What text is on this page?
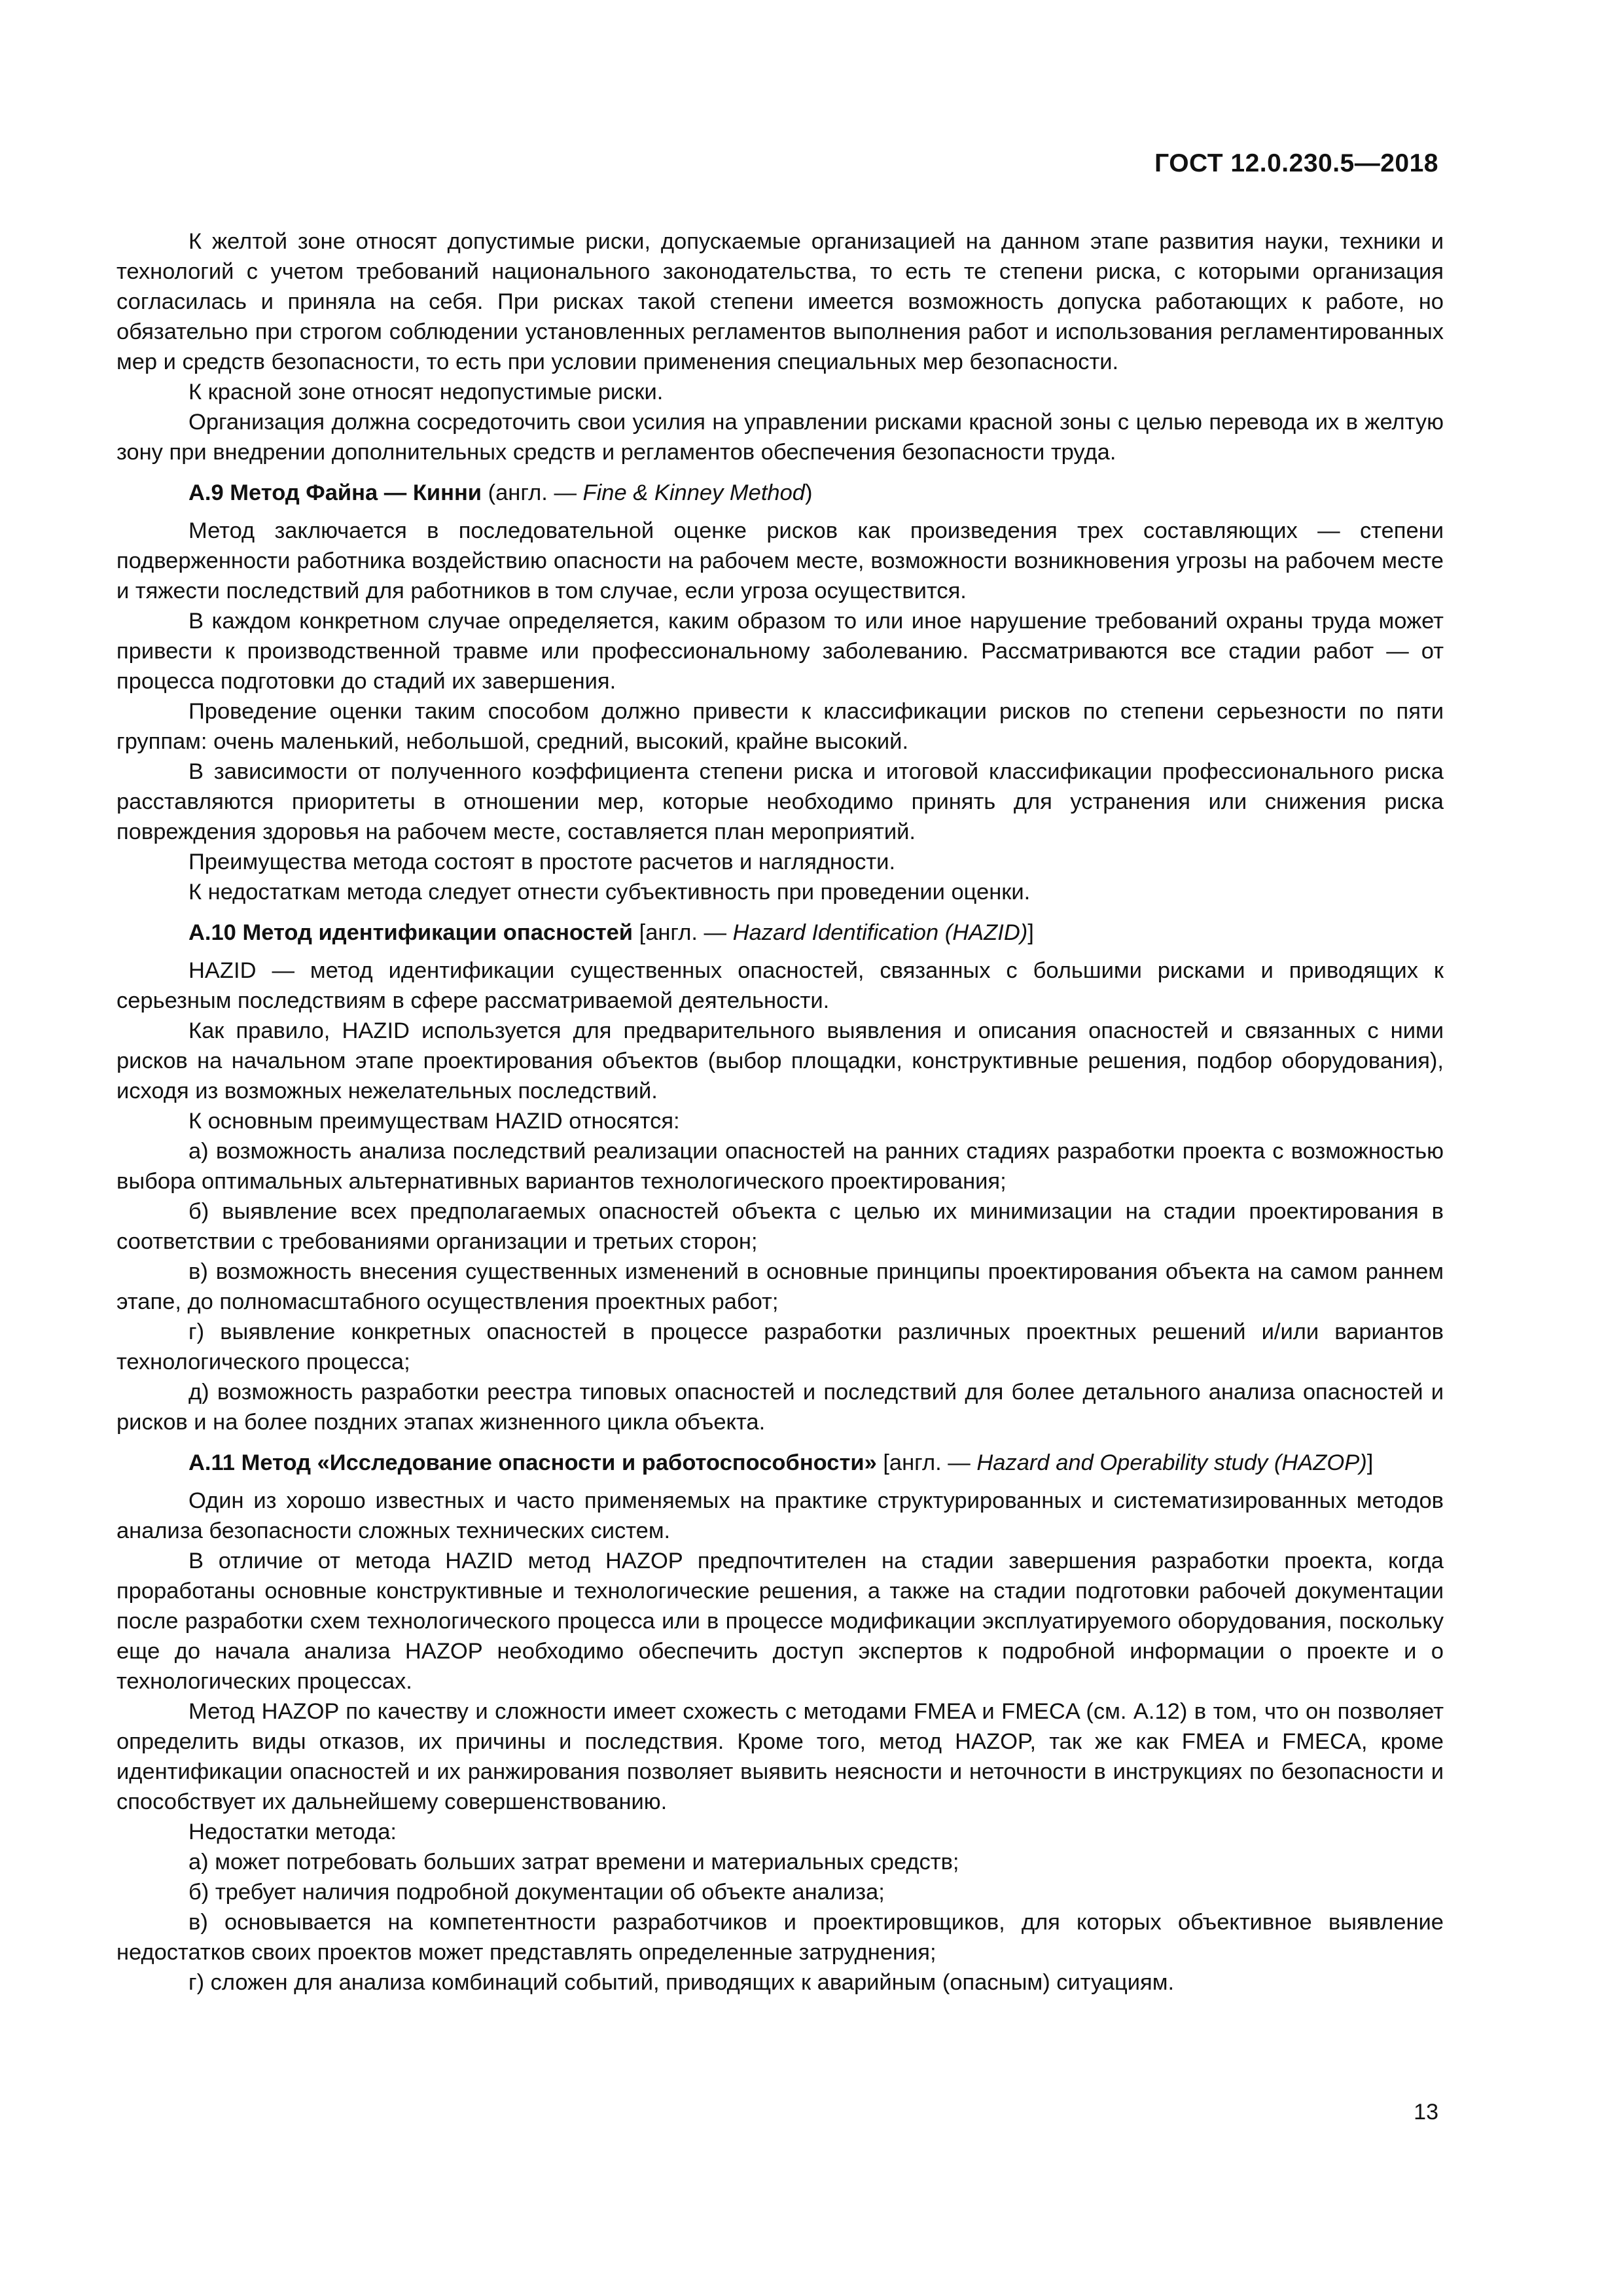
ГОСТ 12.0.230.5—2018

К желтой зоне относят допустимые риски, допускаемые организацией на данном этапе развития науки, техники и технологий с учетом требований национального законодательства, то есть те степени риска, с которыми организация согласилась и приняла на себя. При рисках такой степени имеется возможность допуска работающих к работе, но обязательно при строгом соблюдении установленных регламентов выполнения работ и использования регламентированных мер и средств безопасности, то есть при условии применения специальных мер безопасности.

К красной зоне относят недопустимые риски.

Организация должна сосредоточить свои усилия на управлении рисками красной зоны с целью перевода их в желтую зону при внедрении дополнительных средств и регламентов обеспечения безопасности труда.

А.9 Метод Файна — Кинни (англ. — Fine & Kinney Method)

Метод заключается в последовательной оценке рисков как произведения трех составляющих — степени подверженности работника воздействию опасности на рабочем месте, возможности возникновения угрозы на рабочем месте и тяжести последствий для работников в том случае, если угроза осуществится.

В каждом конкретном случае определяется, каким образом то или иное нарушение требований охраны труда может привести к производственной травме или профессиональному заболеванию. Рассматриваются все стадии работ — от процесса подготовки до стадий их завершения.

Проведение оценки таким способом должно привести к классификации рисков по степени серьезности по пяти группам: очень маленький, небольшой, средний, высокий, крайне высокий.

В зависимости от полученного коэффициента степени риска и итоговой классификации профессионального риска расставляются приоритеты в отношении мер, которые необходимо принять для устранения или снижения риска повреждения здоровья на рабочем месте, составляется план мероприятий.

Преимущества метода состоят в простоте расчетов и наглядности.

К недостаткам метода следует отнести субъективность при проведении оценки.

А.10 Метод идентификации опасностей [англ. — Hazard Identification (HAZID)]

HAZID — метод идентификации существенных опасностей, связанных с большими рисками и приводящих к серьезным последствиям в сфере рассматриваемой деятельности.

Как правило, HAZID используется для предварительного выявления и описания опасностей и связанных с ними рисков на начальном этапе проектирования объектов (выбор площадки, конструктивные решения, подбор оборудования), исходя из возможных нежелательных последствий.

К основным преимуществам HAZID относятся:

а) возможность анализа последствий реализации опасностей на ранних стадиях разработки проекта с возможностью выбора оптимальных альтернативных вариантов технологического проектирования;

б) выявление всех предполагаемых опасностей объекта с целью их минимизации на стадии проектирования в соответствии с требованиями организации и третьих сторон;

в) возможность внесения существенных изменений в основные принципы проектирования объекта на самом раннем этапе, до полномасштабного осуществления проектных работ;

г) выявление конкретных опасностей в процессе разработки различных проектных решений и/или вариантов технологического процесса;

д) возможность разработки реестра типовых опасностей и последствий для более детального анализа опасностей и рисков и на более поздних этапах жизненного цикла объекта.

А.11 Метод «Исследование опасности и работоспособности» [англ. — Hazard and Operability study (HAZOP)]

Один из хорошо известных и часто применяемых на практике структурированных и систематизированных методов анализа безопасности сложных технических систем.

В отличие от метода HAZID метод HAZOP предпочтителен на стадии завершения разработки проекта, когда проработаны основные конструктивные и технологические решения, а также на стадии подготовки рабочей документации после разработки схем технологического процесса или в процессе модификации эксплуатируемого оборудования, поскольку еще до начала анализа HAZOP необходимо обеспечить доступ экспертов к подробной информации о проекте и о технологических процессах.

Метод HAZOP по качеству и сложности имеет схожесть с методами FMEA и FMECA (см. А.12) в том, что он позволяет определить виды отказов, их причины и последствия. Кроме того, метод HAZOP, так же как FMEA и FMECA, кроме идентификации опасностей и их ранжирования позволяет выявить неясности и неточности в инструкциях по безопасности и способствует их дальнейшему совершенствованию.

Недостатки метода:

а) может потребовать больших затрат времени и материальных средств;

б) требует наличия подробной документации об объекте анализа;

в) основывается на компетентности разработчиков и проектировщиков, для которых объективное выявление недостатков своих проектов может представлять определенные затруднения;

г) сложен для анализа комбинаций событий, приводящих к аварийным (опасным) ситуациям.

13
